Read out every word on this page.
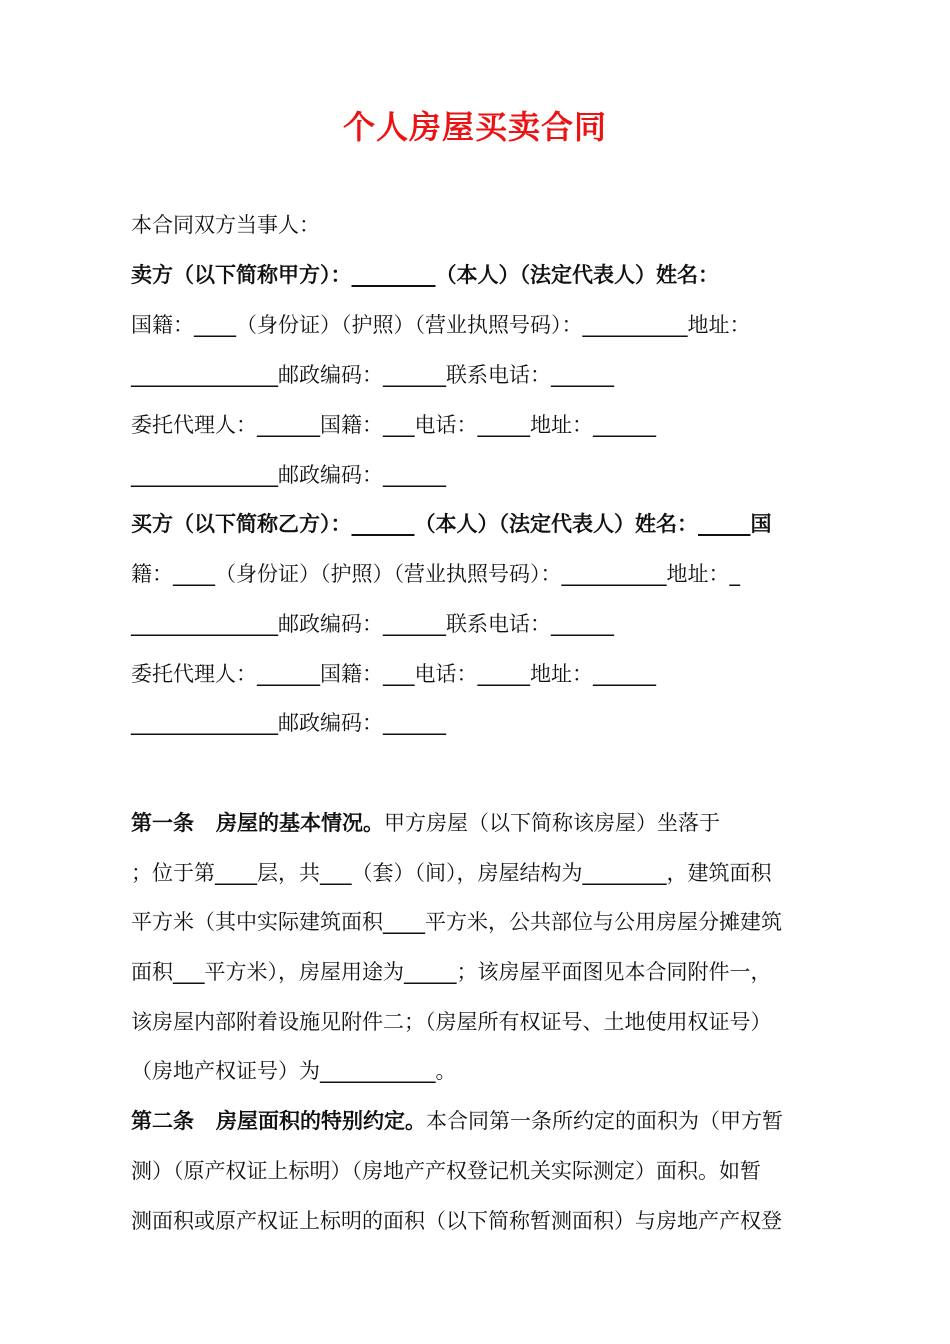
个人房屋买卖合同
本合同双方当事人：
卖方（以下简称甲方）：________（本人）（法定代表人）姓名：
国籍：____（身份证）（护照）（营业执照号码）：__________地址：
______________邮政编码：______联系电话：______
委托代理人：______国籍：___电话：_____地址：______
______________邮政编码：______
买方（以下简称乙方）：______（本人）（法定代表人）姓名：_____国
籍：____（身份证）（护照）（营业执照号码）：__________地址：_
______________邮政编码：______联系电话：______
委托代理人：______国籍：___电话：_____地址：______
______________邮政编码：______
第一条 房屋的基本情况。甲方房屋（以下简称该房屋）坐落于
；位于第____层，共___（套）（间），房屋结构为________，建筑面积
平方米（其中实际建筑面积____平方米，公共部位与公用房屋分摊建筑
面积___平方米），房屋用途为_____；该房屋平面图见本合同附件一，
该房屋内部附着设施见附件二；（房屋所有权证号、土地使用权证号）
（房地产权证号）为___________。
第二条 房屋面积的特别约定。本合同第一条所约定的面积为（甲方暂
测）（原产权证上标明）（房地产产权登记机关实际测定）面积。如暂
测面积或原产权证上标明的面积（以下简称暂测面积）与房地产产权登
